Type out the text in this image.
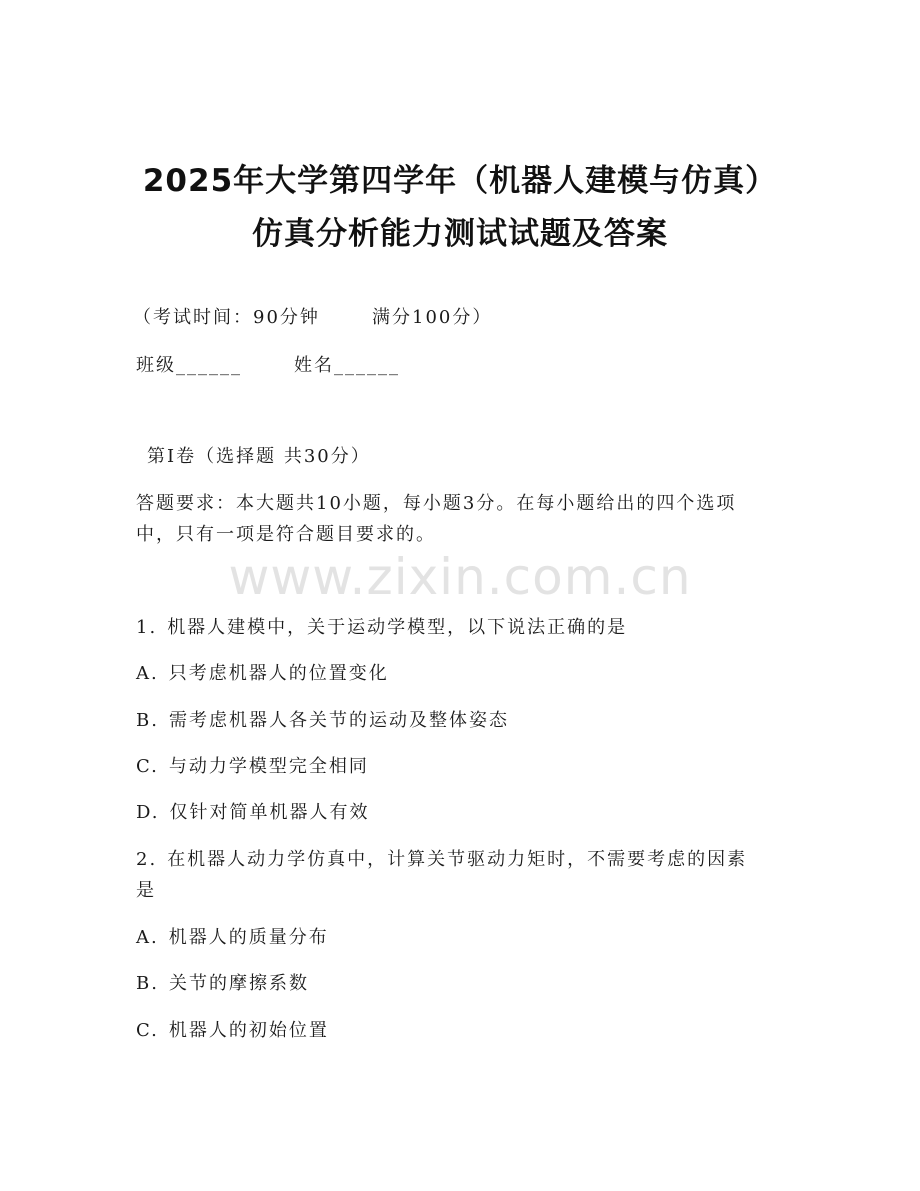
2025年大学第四学年（机器人建模与仿真）
仿真分析能力测试试题及答案
（考试时间：90分钟	满分100分）
班级______	姓名______
第I卷（选择题 共30分）
答题要求：本大题共10小题，每小题3分。在每小题给出的四个选项
中，只有一项是符合题目要求的。
www.zixin.com.cn
1. 机器人建模中，关于运动学模型，以下说法正确的是
A. 只考虑机器人的位置变化
B. 需考虑机器人各关节的运动及整体姿态
C. 与动力学模型完全相同
D. 仅针对简单机器人有效
2. 在机器人动力学仿真中，计算关节驱动力矩时，不需要考虑的因素
是
A. 机器人的质量分布
B. 关节的摩擦系数
C. 机器人的初始位置
